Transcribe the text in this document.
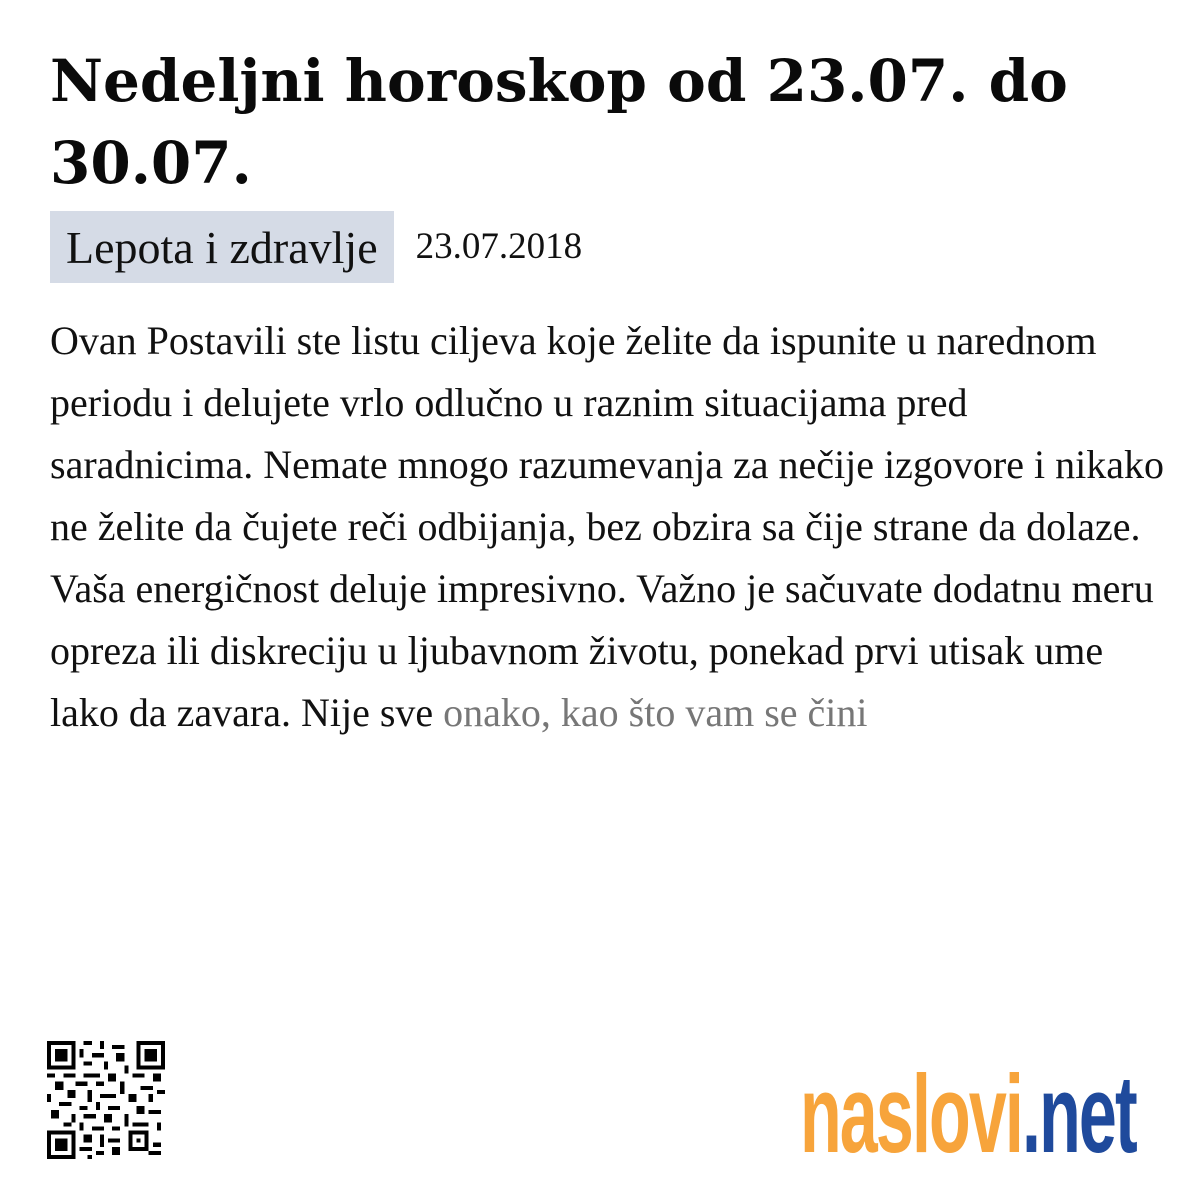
Nedeljni horoskop od 23.07. do 30.07.
Lepota i zdravlje	23.07.2018

Ovan Postavili ste listu ciljeva koje želite da ispunite u narednom periodu i delujete vrlo odlučno u raznim situacijama pred saradnicima. Nemate mnogo razumevanja za nečije izgovore i nikako ne želite da čujete reči odbijanja, bez obzira sa čije strane da dolaze. Vaša energičnost deluje impresivno. Važno je sačuvate dodatnu meru opreza ili diskreciju u ljubavnom životu, ponekad prvi utisak ume lako da zavara. Nije sve onako, kao što vam se čini

naslovi.net
